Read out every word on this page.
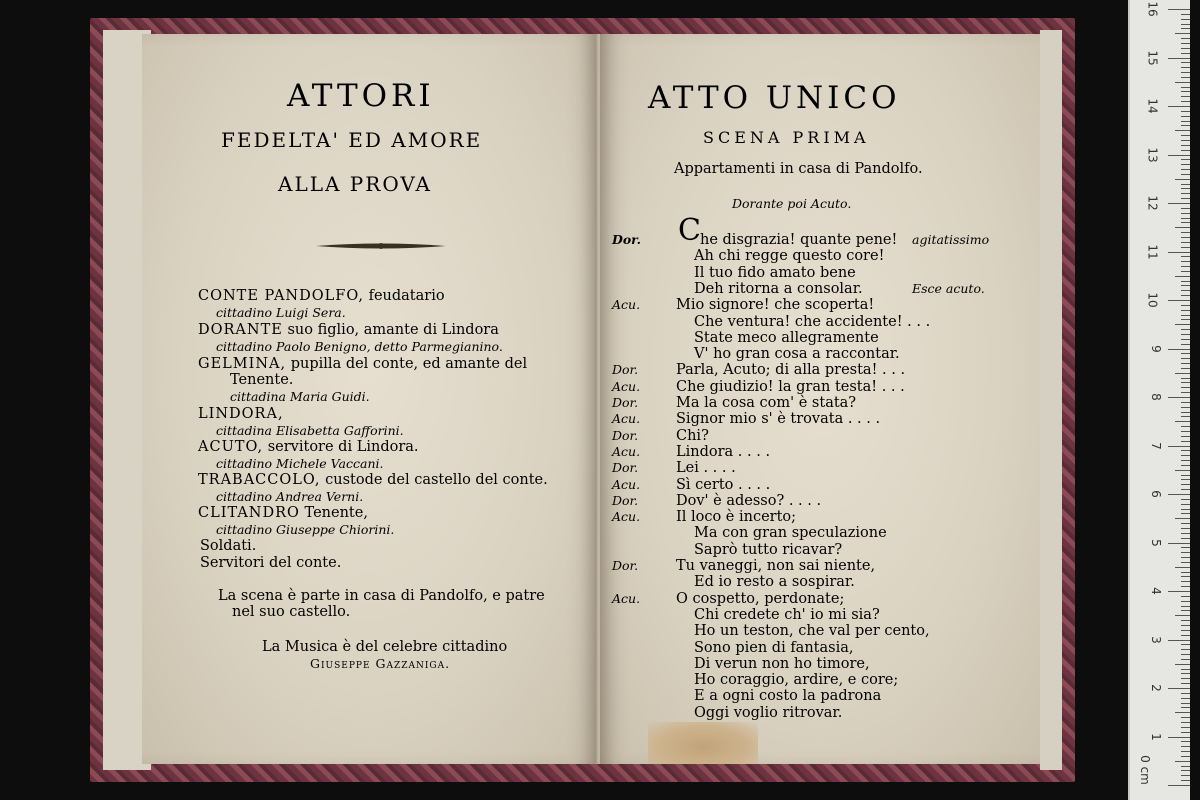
ATTORI
FEDELTA' ED AMORE
ALLA PROVA
CONTE PANDOLFO, feudatario
cittadino Luigi Sera.
DORANTE suo figlio, amante di Lindora
cittadino Paolo Benigno, detto Parmegianino.
GELMINA, pupilla del conte, ed amante del
Tenente.
cittadina Maria Guidi.
LINDORA,
cittadina Elisabetta Gafforini.
ACUTO, servitore di Lindora.
cittadino Michele Vaccani.
TRABACCOLO, custode del castello del conte.
cittadino Andrea Verni.
CLITANDRO Tenente,
cittadino Giuseppe Chiorini.
Soldati.
Servitori del conte.
La scena è parte in casa di Pandolfo, e patre
nel suo castello.
La Musica è del celebre cittadino
Giuseppe Gazzaniga.
ATTO UNICO
SCENA PRIMA
Appartamenti in casa di Pandolfo.
Dorante poi Acuto.
C
Dor.	he disgrazia! quante pene! agitatissimo
Ah chi regge questo core!
Il tuo fido amato bene
Deh ritorna a consolar.	Esce acuto.
Acu. Mio signore! che scoperta!
Che ventura! che accidente! . . .
State meco allegramente
V' ho gran cosa a raccontar.
Dor.	Parla, Acuto; di alla presta! . . .
Acu. Che giudizio! la gran testa! . . .
Dor.	Ma la cosa com' è stata?
Acu. Signor mio s' è trovata . . . .
Dor.	Chi?
Acu. Lindora . . . .
Dor.	Lei . . . .
Acu. Sì certo . . . .
Dor.	Dov' è adesso? . . . .
Acu. Il loco è incerto;
Ma con gran speculazione
Saprò tutto ricavar?
Dor.	Tu vaneggi, non sai niente,
Ed io resto a sospirar.
Acu. O cospetto, perdonate;
Chi credete ch' io mi sia?
Ho un teston, che val per cento,
Sono pien di fantasia,
Di verun non ho timore,
Ho coraggio, ardire, e core;
E a ogni costo la padrona
Oggi voglio ritrovar.
0 cm
1
2
3
4
5
6
7
8
9
10
11
12
13
14
15
16
